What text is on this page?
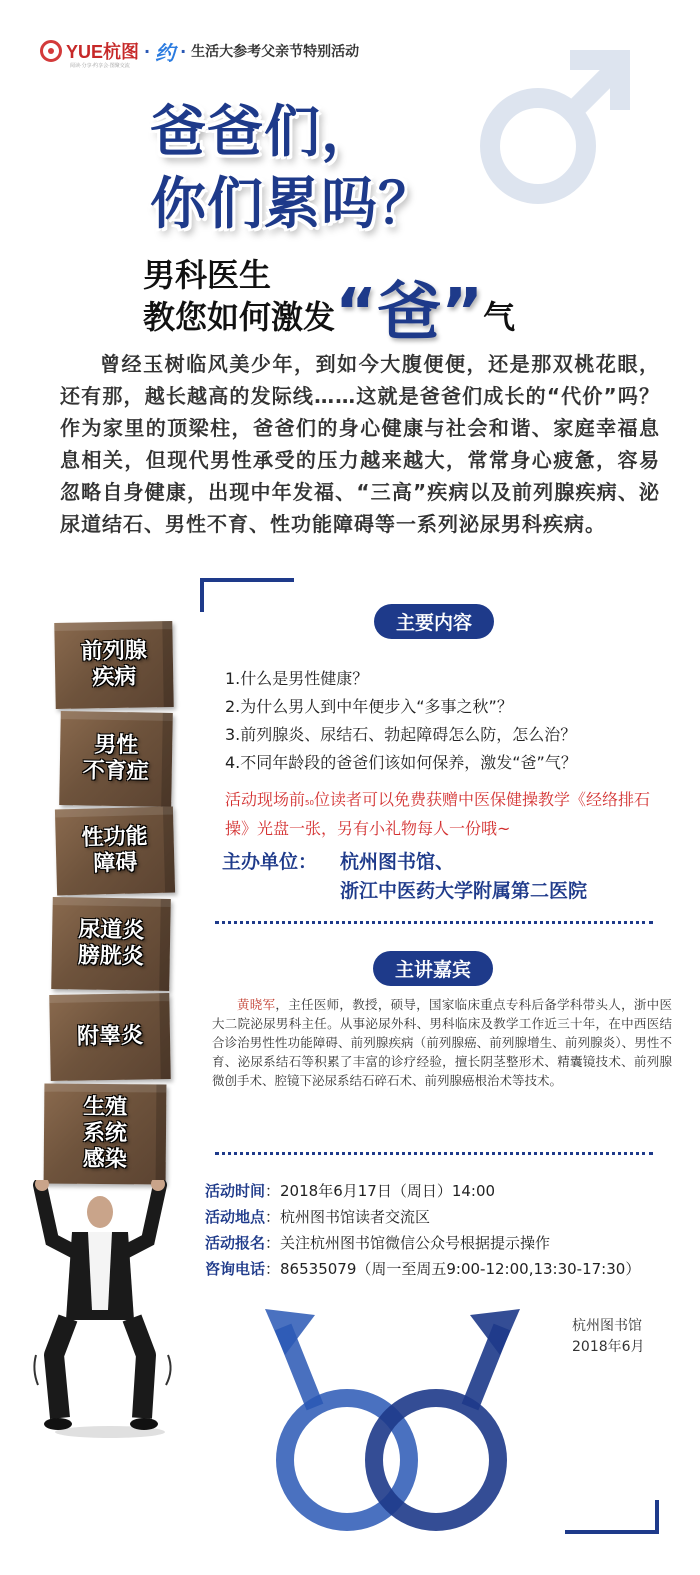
YUE杭图
阅读·分享·约享会·图聚交流
· 约 · 生活大参考父亲节特别活动
爸爸们，
你们累吗？
男科医生
教您如何激发“爸”气
曾经玉树临风美少年，到如今大腹便便，还是那双桃花眼，还有那，越长越高的发际线……这就是爸爸们成长的“代价”吗？作为家里的顶梁柱，爸爸们的身心健康与社会和谐、家庭幸福息息相关，但现代男性承受的压力越来越大，常常身心疲惫，容易忽略自身健康，出现中年发福、“三高”疾病以及前列腺疾病、泌尿道结石、男性不育、性功能障碍等一系列泌尿男科疾病。
前列腺
疾病
男性
不育症
性功能
障碍
尿道炎
膀胱炎
附睾炎
生殖
系统
感染
主要内容
1.什么是男性健康？
2.为什么男人到中年便步入“多事之秋”？
3.前列腺炎、尿结石、勃起障碍怎么防，怎么治？
4.不同年龄段的爸爸们该如何保养，激发“爸”气？
活动现场前50位读者可以免费获赠中医保健操教学《经络排石操》光盘一张，另有小礼物每人一份哦~
主办单位： 杭州图书馆、
浙江中医药大学附属第二医院
主讲嘉宾
黄晓军，主任医师，教授，硕导，国家临床重点专科后备学科带头人，浙中医大二院泌尿男科主任。从事泌尿外科、男科临床及教学工作近三十年，在中西医结合诊治男性性功能障碍、前列腺疾病（前列腺癌、前列腺增生、前列腺炎）、男性不育、泌尿系结石等积累了丰富的诊疗经验，擅长阴茎整形术、精囊镜技术、前列腺微创手术、腔镜下泌尿系结石碎石术、前列腺癌根治术等技术。
活动时间：2018年6月17日（周日）14:00
活动地点：杭州图书馆读者交流区
活动报名：关注杭州图书馆微信公众号根据提示操作
咨询电话：86535079（周一至周五9:00-12:00,13:30-17:30）
杭州图书馆
2018年6月
